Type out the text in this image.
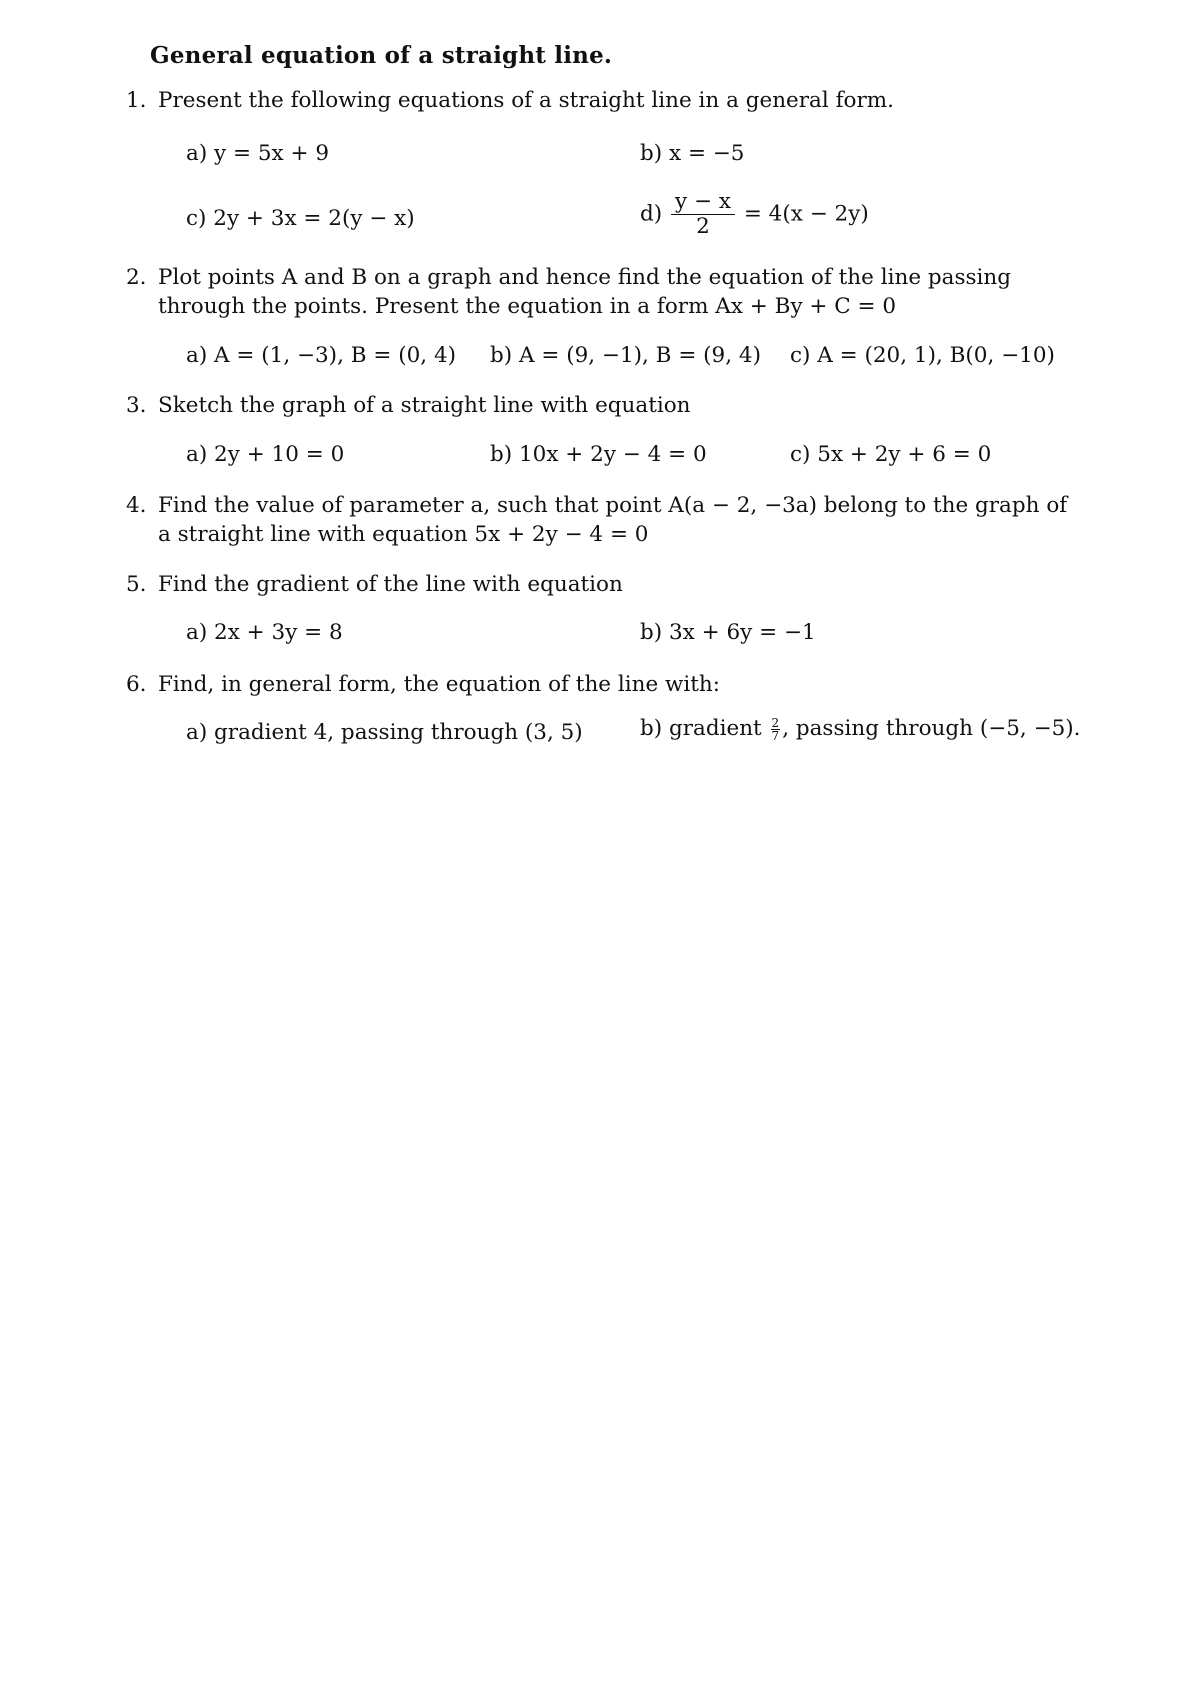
General equation of a straight line.
1. Present the following equations of a straight line in a general form.
a) y = 5x + 9	b) x = −5
c) 2y + 3x = 2(y − x)	$d) \frac{y - x}{2} = 4(x - 2y)$
2. Plot points A and B on a graph and hence find the equation of the line passing through the points. Present the equation in a form Ax + By + C = 0
a) A = (1, −3), B = (0, 4) b) A = (9, −1), B = (9, 4) c) A = (20, 1), B(0, −10)
3. Sketch the graph of a straight line with equation
a) 2y + 10 = 0	b) 10x + 2y − 4 = 0	c) 5x + 2y + 6 = 0
4. Find the value of parameter a, such that point A(a − 2, −3a) belong to the graph of a straight line with equation 5x + 2y − 4 = 0
5. Find the gradient of the line with equation
a) 2x + 3y = 8	b) 3x + 6y = −1
6. Find, in general form, the equation of the line with:
a) gradient 4, passing through (3, 5)	b) gradient $\frac{2}{7}$ , passing through (−5, −5).
